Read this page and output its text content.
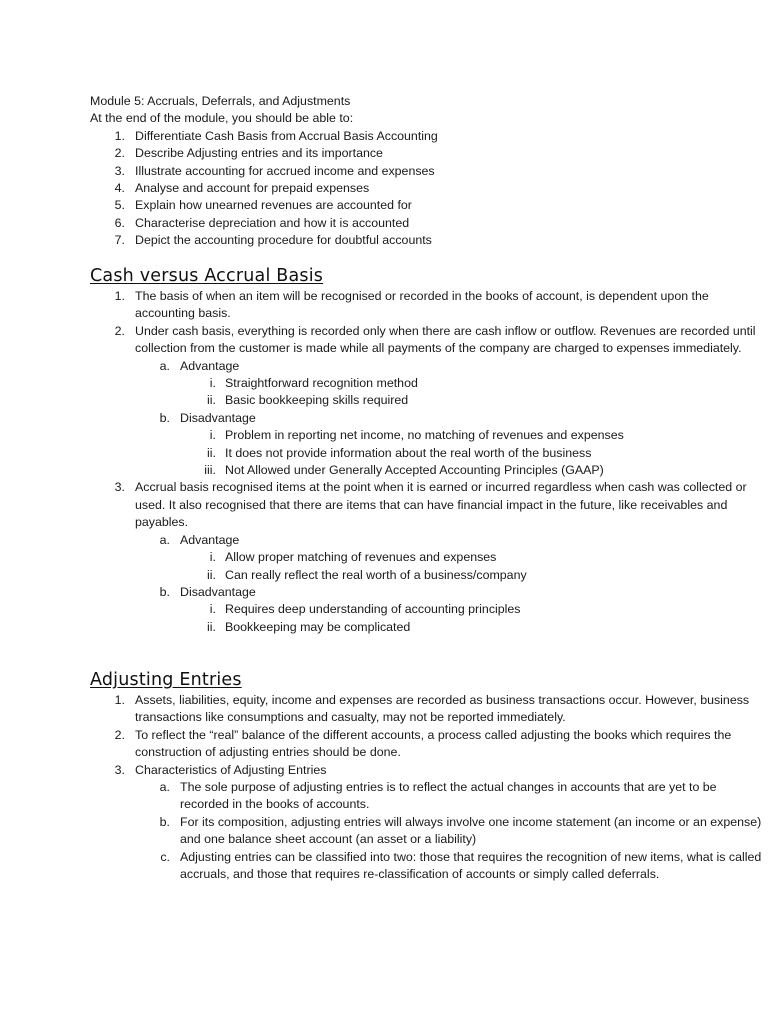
Module 5: Accruals, Deferrals, and Adjustments
At the end of the module, you should be able to:
1. Differentiate Cash Basis from Accrual Basis Accounting
2. Describe Adjusting entries and its importance
3. Illustrate accounting for accrued income and expenses
4. Analyse and account for prepaid expenses
5. Explain how unearned revenues are accounted for
6. Characterise depreciation and how it is accounted
7. Depict the accounting procedure for doubtful accounts
Cash versus Accrual Basis
1. The basis of when an item will be recognised or recorded in the books of account, is dependent upon the accounting basis.
2. Under cash basis, everything is recorded only when there are cash inflow or outflow. Revenues are recorded until collection from the customer is made while all payments of the company are charged to expenses immediately.
a. Advantage
i. Straightforward recognition method
ii. Basic bookkeeping skills required
b. Disadvantage
i. Problem in reporting net income, no matching of revenues and expenses
ii. It does not provide information about the real worth of the business
iii. Not Allowed under Generally Accepted Accounting Principles (GAAP)
3. Accrual basis recognised items at the point when it is earned or incurred regardless when cash was collected or used. It also recognised that there are items that can have financial impact in the future, like receivables and payables.
a. Advantage
i. Allow proper matching of revenues and expenses
ii. Can really reflect the real worth of a business/company
b. Disadvantage
i. Requires deep understanding of accounting principles
ii. Bookkeeping may be complicated
Adjusting Entries
1. Assets, liabilities, equity, income and expenses are recorded as business transactions occur. However, business transactions like consumptions and casualty, may not be reported immediately.
2. To reflect the “real” balance of the different accounts, a process called adjusting the books which requires the construction of adjusting entries should be done.
3. Characteristics of Adjusting Entries
a. The sole purpose of adjusting entries is to reflect the actual changes in accounts that are yet to be recorded in the books of accounts.
b. For its composition, adjusting entries will always involve one income statement (an income or an expense) and one balance sheet account (an asset or a liability)
c. Adjusting entries can be classified into two: those that requires the recognition of new items, what is called accruals, and those that requires re-classification of accounts or simply called deferrals.
